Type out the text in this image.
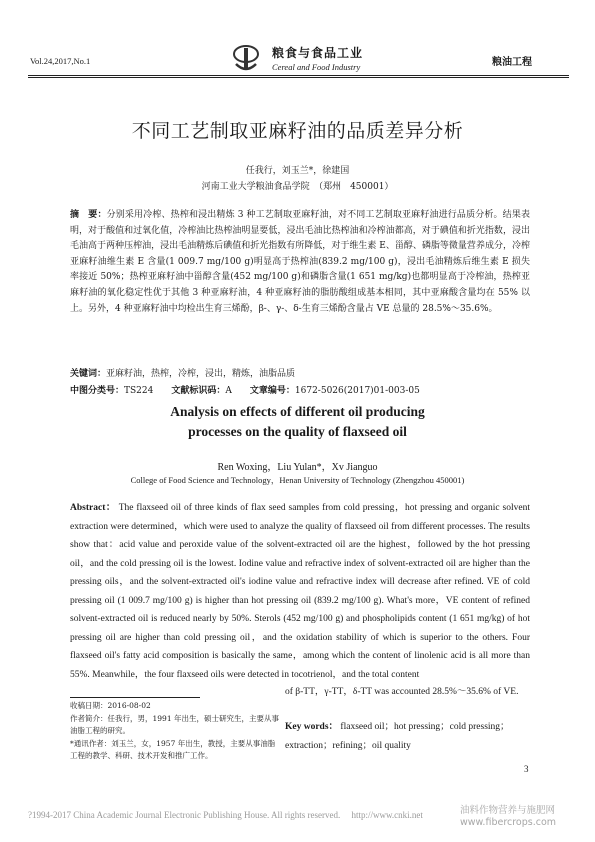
Vol.24,2017,No.1
粮食与食品工业
Cereal and Food Industry	粮油工程
不同工艺制取亚麻籽油的品质差异分析
任我行，刘玉兰*，徐建国
河南工业大学粮油食品学院　（郑州　450001）
摘　要：分别采用冷榨、热榨和浸出精炼 3 种工艺制取亚麻籽油，对不同工艺制取亚麻籽油进行品质分析。结果表明，对于酸值和过氧化值，冷榨油比热榨油明显要低，浸出毛油比热榨油和冷榨油都高，对于碘值和折光指数，浸出毛油高于两种压榨油，浸出毛油精炼后碘值和折光指数有所降低，对于维生素 E、甾醇、磷脂等微量营养成分，冷榨亚麻籽油维生素 E 含量(1 009.7 mg/100 g)明显高于热榨油(839.2 mg/100 g)，浸出毛油精炼后维生素 E 损失率接近 50%；热榨亚麻籽油中甾醇含量(452 mg/100 g)和磷脂含量(1 651 mg/kg)也都明显高于冷榨油，热榨亚麻籽油的氧化稳定性优于其他 3 种亚麻籽油，4 种亚麻籽油的脂肪酸组成基本相同，其中亚麻酸含量均在 55% 以上。另外，4 种亚麻籽油中均检出生育三烯酚，β-、γ-、δ-生育三烯酚含量占 VE 总量的 28.5%～35.6%。
关键词：亚麻籽油，热榨，冷榨，浸出，精炼，油脂品质
中图分类号：TS224 文献标识码：A 文章编号：1672-5026(2017)01-003-05
Analysis on effects of different oil producing
processes on the quality of flaxseed oil
Ren Woxing，Liu Yulan*，Xv Jianguo
College of Food Science and Technology，Henan University of Technology (Zhengzhou 450001)
Abstract： The flaxseed oil of three kinds of flax seed samples from cold pressing，hot pressing and organic solvent extraction were determined，which were used to analyze the quality of flaxseed oil from different processes. The results show that：acid value and peroxide value of the solvent-extracted oil are the highest，followed by the hot pressing oil，and the cold pressing oil is the lowest. Iodine value and refractive index of solvent-extracted oil are higher than the pressing oils，and the solvent-extracted oil's iodine value and refractive index will decrease after refined. VE of cold pressing oil (1 009.7 mg/100 g) is higher than hot pressing oil (839.2 mg/100 g). What's more，VE content of refined solvent-extracted oil is reduced nearly by 50%. Sterols (452 mg/100 g) and phospholipids content (1 651 mg/kg) of hot pressing oil are higher than cold pressing oil，and the oxidation stability of which is superior to the others. Four flaxseed oil's fatty acid composition is basically the same，among which the content of linolenic acid is all more than 55%. Meanwhile，the four flaxseed oils were detected in tocotrienol，and the total content
of β-TT，γ-TT，δ-TT was accounted 28.5%～35.6% of VE.
Key words： flaxseed oil；hot pressing；cold pressing；extraction；refining；oil quality
收稿日期：2016-08-02
作者简介：任我行，男，1991 年出生，硕士研究生，主要从事油脂工程的研究。
*通讯作者：刘玉兰，女，1957 年出生，教授，主要从事油脂工程的教学、科研、技术开发和推广工作。
3
?1994-2017 China Academic Journal Electronic Publishing House. All rights reserved.　 http://www.cnki.net	油料作物营养与施肥网
www.fibercrops.com
